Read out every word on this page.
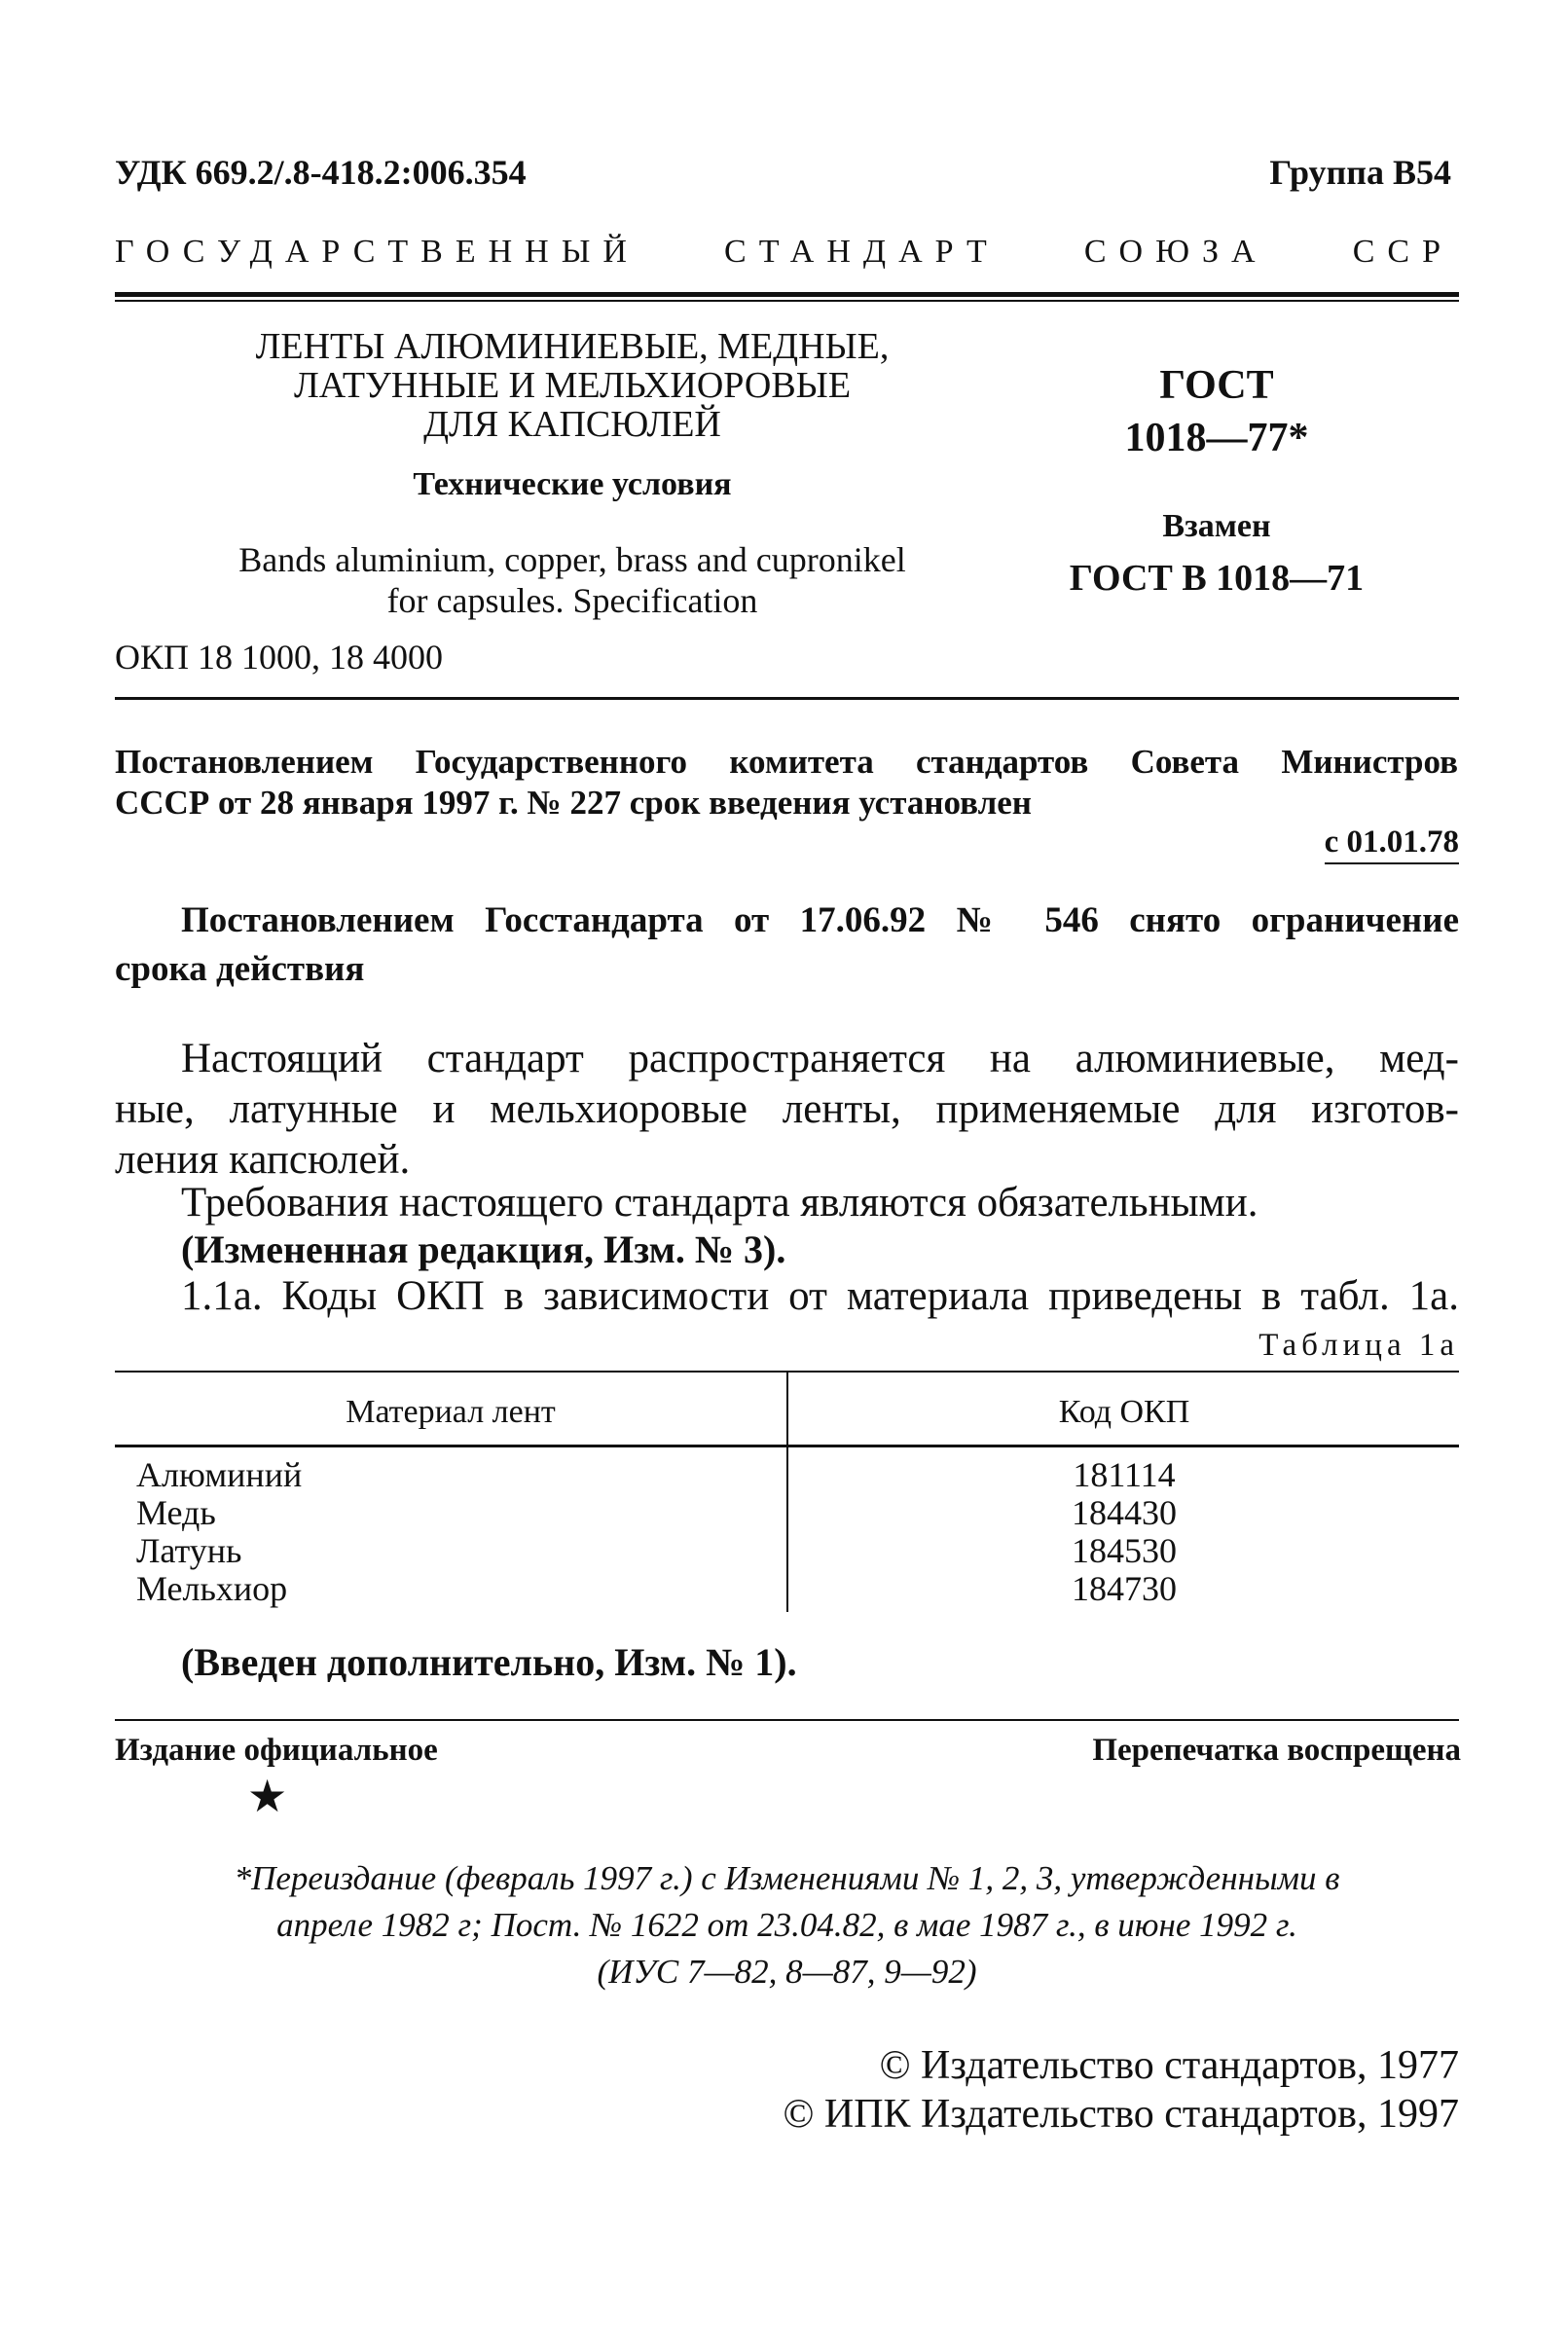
УДК 669.2/.8-418.2:006.354	Группа В54
ГОСУДАРСТВЕННЫЙ	СТАНДАРТ	СОЮЗА	ССР
ЛЕНТЫ АЛЮМИНИЕВЫЕ, МЕДНЫЕ,
ЛАТУННЫЕ И МЕЛЬХИОРОВЫЕ
ДЛЯ КАПСЮЛЕЙ
Технические условия
Bands aluminium, copper, brass and cupronikel
for capsules. Specification
ОКП 18 1000, 18 4000
ГОСТ
1018—77*
Взамен
ГОСТ В 1018—71
Постановлением Государственного комитета стандартов Совета Министров
СССР от 28 января 1997 г. № 227 срок введения установлен
с 01.01.78
Постановлением Госстандарта от 17.06.92 № 546 снято ограничение
срока действия
Настоящий стандарт распространяется на алюминиевые, мед-
ные, латунные и мельхиоровые ленты, применяемые для изготов-
ления капсюлей.
Требования настоящего стандарта являются обязательными.
(Измененная редакция, Изм. № 3).
1.1а. Коды ОКП в зависимости от материала приведены в табл. 1а.
Таблица 1а
Материал лент	Код ОКП
Алюминий	181114
Медь	184430
Латунь	184530
Мельхиор	184730
(Введен дополнительно, Изм. № 1).
Издание официальное	Перепечатка воспрещена
★
*Переиздание (февраль 1997 г.) с Изменениями № 1, 2, 3, утвержденными в
апреле 1982 г; Пост. № 1622 от 23.04.82, в мае 1987 г., в июне 1992 г.
(ИУС 7—82, 8—87, 9—92)
© Издательство стандартов, 1977
© ИПК Издательство стандартов, 1997
